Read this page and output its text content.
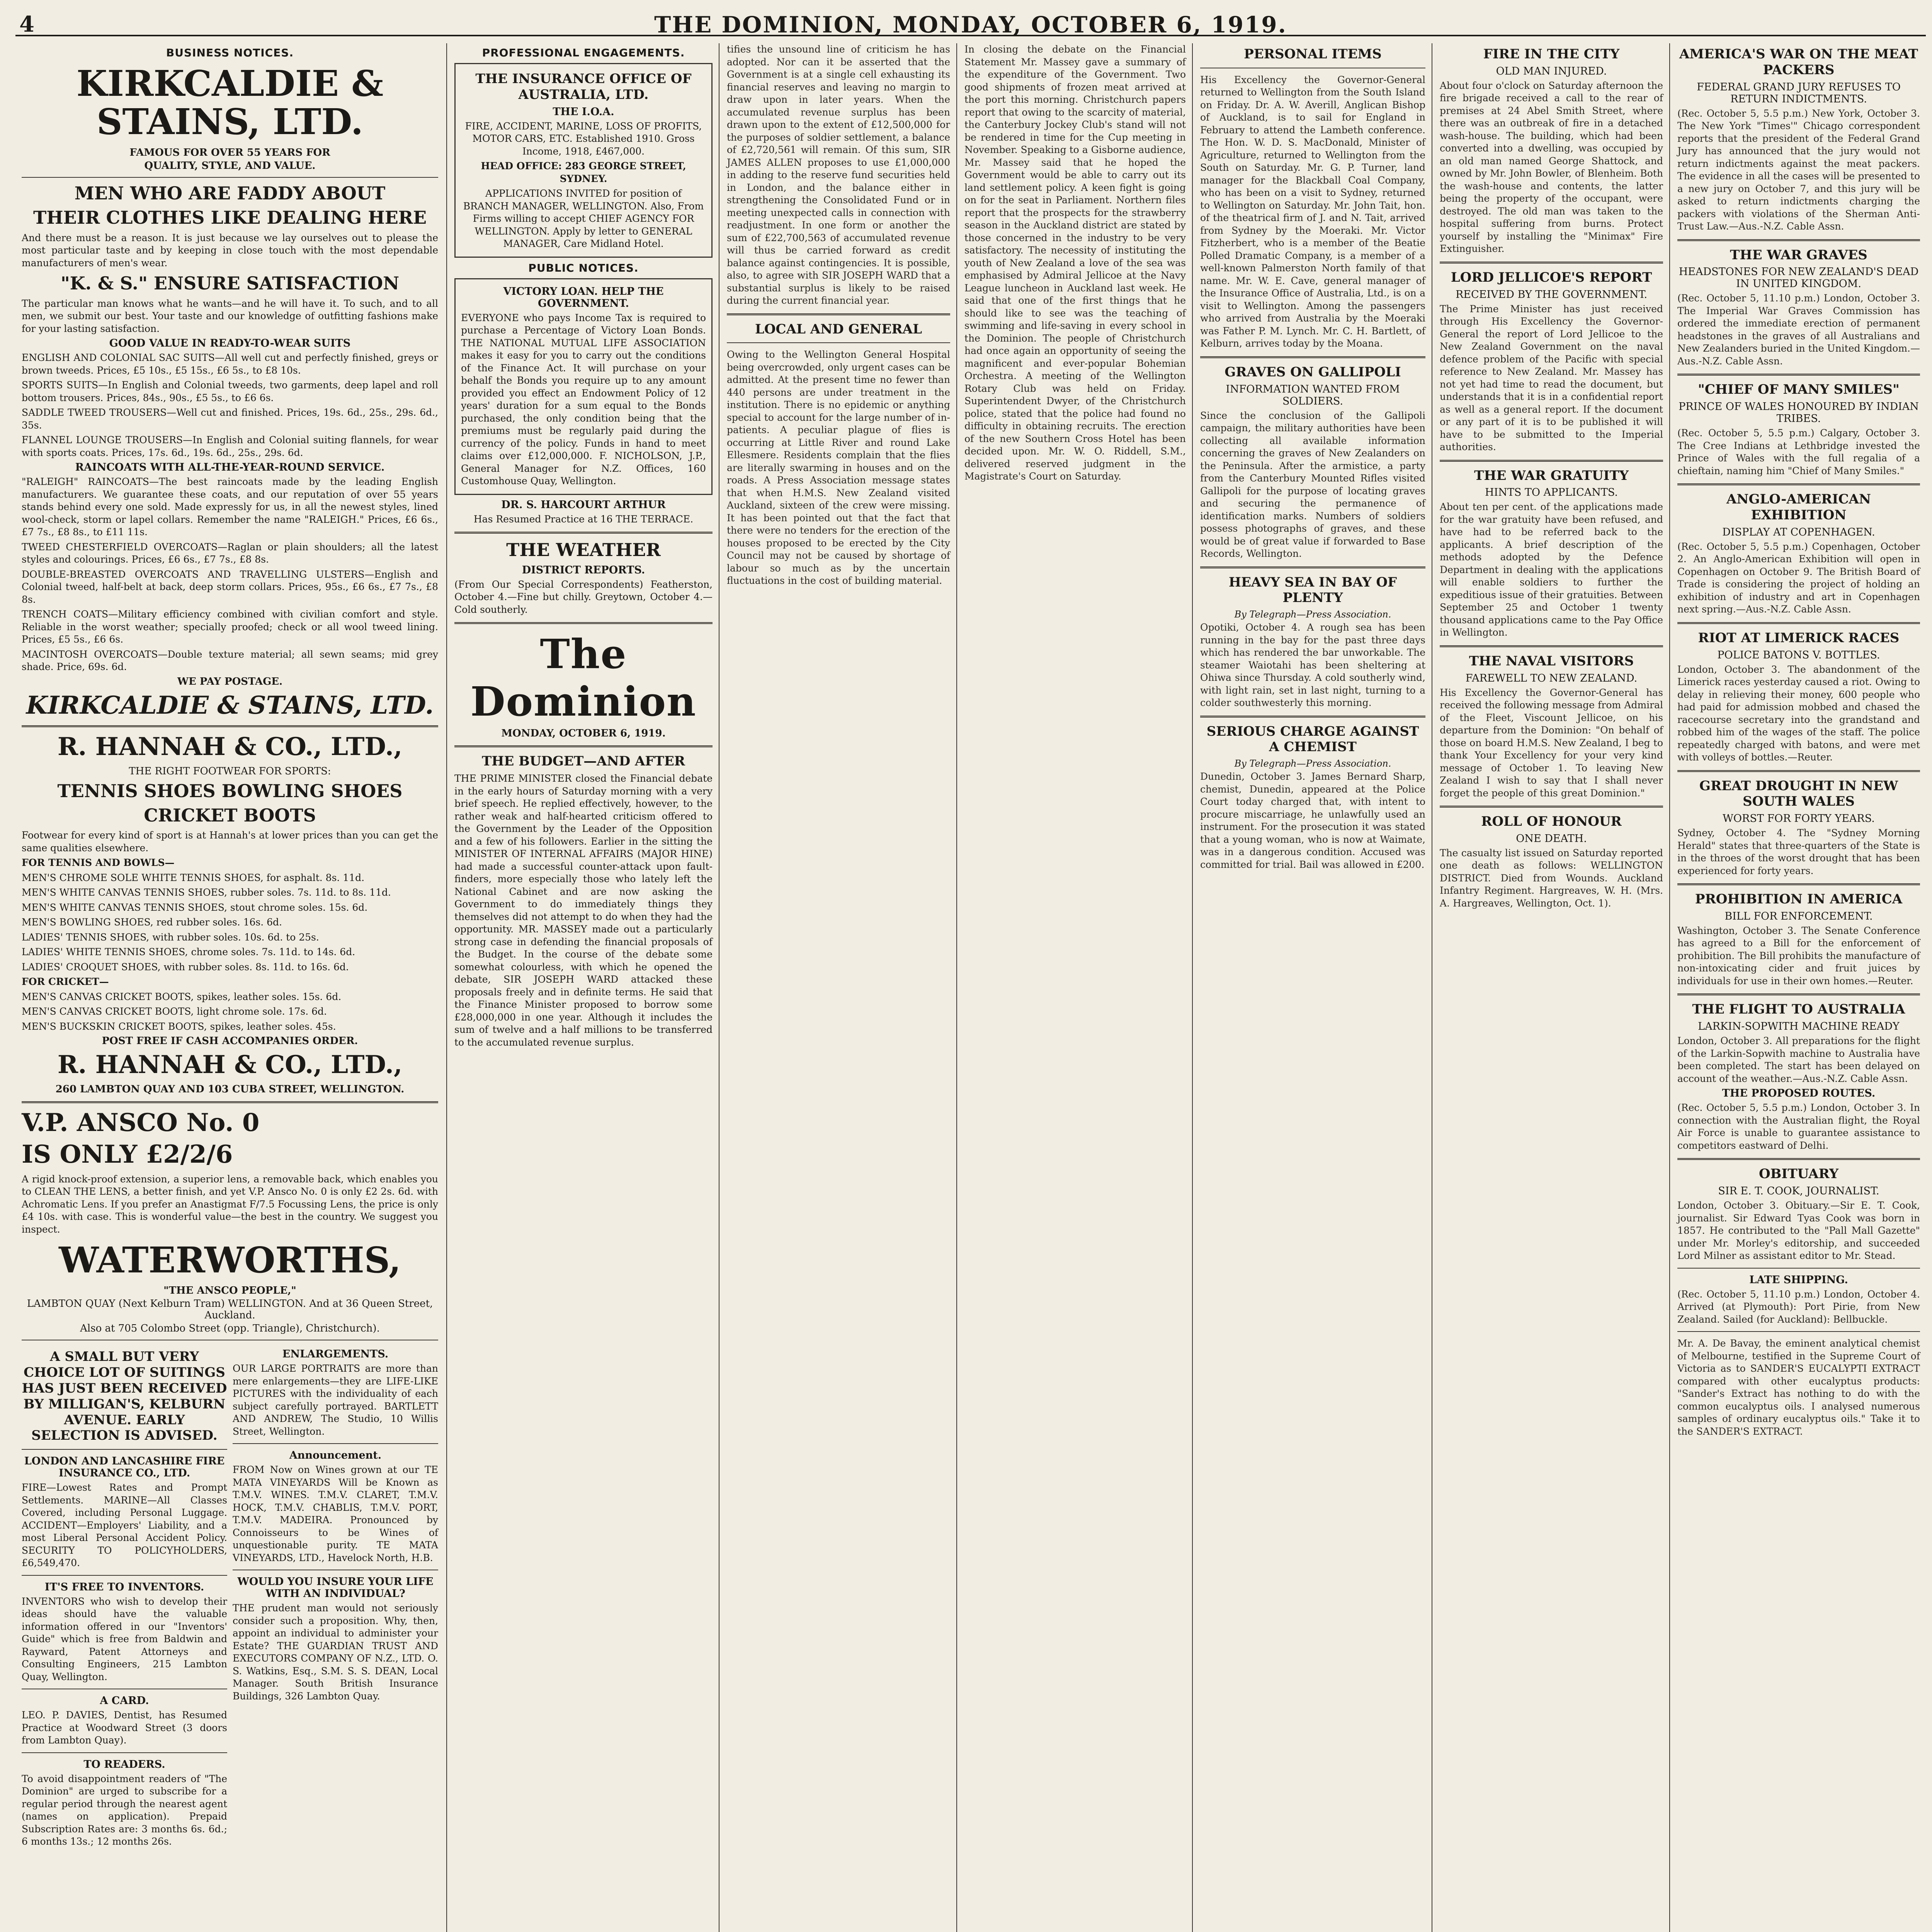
4	THE DOMINION, MONDAY, OCTOBER 6, 1919.
BUSINESS NOTICES.
KIRKCALDIE & STAINS, LTD.
FAMOUS FOR OVER 55 YEARS FOR
QUALITY, STYLE, AND VALUE.
MEN WHO ARE FADDY ABOUT
THEIR CLOTHES LIKE DEALING HERE
And there must be a reason. It is just because we lay ourselves out to please the most particular taste and by keeping in close touch with the most dependable manufacturers of men's wear.
"K. & S." ENSURE SATISFACTION
The particular man knows what he wants—and he will have it. To such, and to all men, we submit our best. Your taste and our knowledge of outfitting fashions make for your lasting satisfaction.
GOOD VALUE IN READY-TO-WEAR SUITS
ENGLISH AND COLONIAL SAC SUITS—All well cut and perfectly finished, greys or brown tweeds. Prices, £5 10s., £5 15s., £6 5s., to £8 10s.
SPORTS SUITS—In English and Colonial tweeds, two garments, deep lapel and roll bottom trousers. Prices, 84s., 90s., £5 5s., to £6 6s.
SADDLE TWEED TROUSERS—Well cut and finished. Prices, 19s. 6d., 25s., 29s. 6d., 35s.
FLANNEL LOUNGE TROUSERS—In English and Colonial suiting flannels, for wear with sports coats. Prices, 17s. 6d., 19s. 6d., 25s., 29s. 6d.
RAINCOATS WITH ALL-THE-YEAR-ROUND SERVICE.
"RALEIGH" RAINCOATS—The best raincoats made by the leading English manufacturers. We guarantee these coats, and our reputation of over 55 years stands behind every one sold. Made expressly for us, in all the newest styles, lined wool-check, storm or lapel collars. Remember the name "RALEIGH." Prices, £6 6s., £7 7s., £8 8s., to £11 11s.
TWEED CHESTERFIELD OVERCOATS—Raglan or plain shoulders; all the latest styles and colourings. Prices, £6 6s., £7 7s., £8 8s.
DOUBLE-BREASTED OVERCOATS AND TRAVELLING ULSTERS—English and Colonial tweed, half-belt at back, deep storm collars. Prices, 95s., £6 6s., £7 7s., £8 8s.
TRENCH COATS—Military efficiency combined with civilian comfort and style. Reliable in the worst weather; specially proofed; check or all wool tweed lining. Prices, £5 5s., £6 6s.
MACINTOSH OVERCOATS—Double texture material; all sewn seams; mid grey shade. Price, 69s. 6d.
WE PAY POSTAGE.
KIRKCALDIE & STAINS, LTD.
R. HANNAH & CO., LTD.,
THE RIGHT FOOTWEAR FOR SPORTS:
TENNIS SHOES BOWLING SHOES
CRICKET BOOTS
Footwear for every kind of sport is at Hannah's at lower prices than you can get the same qualities elsewhere.
FOR TENNIS AND BOWLS—
MEN'S CHROME SOLE WHITE TENNIS SHOES, for asphalt. 8s. 11d.
MEN'S WHITE CANVAS TENNIS SHOES, rubber soles. 7s. 11d. to 8s. 11d.
MEN'S WHITE CANVAS TENNIS SHOES, stout chrome soles. 15s. 6d.
MEN'S BOWLING SHOES, red rubber soles. 16s. 6d.
LADIES' TENNIS SHOES, with rubber soles. 10s. 6d. to 25s.
LADIES' WHITE TENNIS SHOES, chrome soles. 7s. 11d. to 14s. 6d.
LADIES' CROQUET SHOES, with rubber soles. 8s. 11d. to 16s. 6d.
FOR CRICKET—
MEN'S CANVAS CRICKET BOOTS, spikes, leather soles. 15s. 6d.
MEN'S CANVAS CRICKET BOOTS, light chrome sole. 17s. 6d.
MEN'S BUCKSKIN CRICKET BOOTS, spikes, leather soles. 45s.
POST FREE IF CASH ACCOMPANIES ORDER.
R. HANNAH & CO., LTD.,
260 LAMBTON QUAY AND 103 CUBA STREET, WELLINGTON.
V.P. ANSCO No. 0
IS ONLY £2/2/6
A rigid knock-proof extension, a superior lens, a removable back, which enables you to CLEAN THE LENS, a better finish, and yet V.P. Ansco No. 0 is only £2 2s. 6d. with Achromatic Lens. If you prefer an Anastigmat F/7.5 Focussing Lens, the price is only £4 10s. with case. This is wonderful value—the best in the country. We suggest you inspect.
WATERWORTHS,
"THE ANSCO PEOPLE,"
LAMBTON QUAY (Next Kelburn Tram) WELLINGTON. And at 36 Queen Street, Auckland.
Also at 705 Colombo Street (opp. Triangle), Christchurch).
A SMALL BUT VERY CHOICE LOT OF SUITINGS HAS JUST BEEN RECEIVED BY MILLIGAN'S, KELBURN AVENUE. EARLY SELECTION IS ADVISED.
LONDON AND LANCASHIRE FIRE INSURANCE CO., LTD.
FIRE—Lowest Rates and Prompt Settlements. MARINE—All Classes Covered, including Personal Luggage. ACCIDENT—Employers' Liability, and a most Liberal Personal Accident Policy. SECURITY TO POLICYHOLDERS, £6,549,470.
IT'S FREE TO INVENTORS.
INVENTORS who wish to develop their ideas should have the valuable information offered in our "Inventors' Guide" which is free from Baldwin and Rayward, Patent Attorneys and Consulting Engineers, 215 Lambton Quay, Wellington.
A CARD.
LEO. P. DAVIES, Dentist, has Resumed Practice at Woodward Street (3 doors from Lambton Quay).
TO READERS.
To avoid disappointment readers of "The Dominion" are urged to subscribe for a regular period through the nearest agent (names on application). Prepaid Subscription Rates are: 3 months 6s. 6d.; 6 months 13s.; 12 months 26s.
ENLARGEMENTS.
OUR LARGE PORTRAITS are more than mere enlargements—they are LIFE-LIKE PICTURES with the individuality of each subject carefully portrayed. BARTLETT AND ANDREW, The Studio, 10 Willis Street, Wellington.
Announcement.
FROM Now on Wines grown at our TE MATA VINEYARDS Will be Known as T.M.V. WINES. T.M.V. CLARET, T.M.V. HOCK, T.M.V. CHABLIS, T.M.V. PORT, T.M.V. MADEIRA. Pronounced by Connoisseurs to be Wines of unquestionable purity. TE MATA VINEYARDS, LTD., Havelock North, H.B.
WOULD YOU INSURE YOUR LIFE WITH AN INDIVIDUAL?
THE prudent man would not seriously consider such a proposition. Why, then, appoint an individual to administer your Estate? THE GUARDIAN TRUST AND EXECUTORS COMPANY OF N.Z., LTD. O. S. Watkins, Esq., S.M. S. S. DEAN, Local Manager. South British Insurance Buildings, 326 Lambton Quay.
PROFESSIONAL ENGAGEMENTS.
THE INSURANCE OFFICE OF AUSTRALIA, LTD.
THE I.O.A.
FIRE, ACCIDENT, MARINE, LOSS OF PROFITS, MOTOR CARS, ETC. Established 1910. Gross Income, 1918, £467,000.
HEAD OFFICE: 283 GEORGE STREET, SYDNEY.
APPLICATIONS INVITED for position of BRANCH MANAGER, WELLINGTON. Also, From Firms willing to accept CHIEF AGENCY FOR WELLINGTON. Apply by letter to GENERAL MANAGER, Care Midland Hotel.
PUBLIC NOTICES.
VICTORY LOAN. HELP THE GOVERNMENT.
EVERYONE who pays Income Tax is required to purchase a Percentage of Victory Loan Bonds. THE NATIONAL MUTUAL LIFE ASSOCIATION makes it easy for you to carry out the conditions of the Finance Act. It will purchase on your behalf the Bonds you require up to any amount provided you effect an Endowment Policy of 12 years' duration for a sum equal to the Bonds purchased, the only condition being that the premiums must be regularly paid during the currency of the policy. Funds in hand to meet claims over £12,000,000. F. NICHOLSON, J.P., General Manager for N.Z. Offices, 160 Customhouse Quay, Wellington.
DR. S. HARCOURT ARTHUR
Has Resumed Practice at 16 THE TERRACE.
THE WEATHER
DISTRICT REPORTS.
(From Our Special Correspondents) Featherston, October 4.—Fine but chilly. Greytown, October 4.—Cold southerly.
The Dominion
MONDAY, OCTOBER 6, 1919.
THE BUDGET—AND AFTER
THE PRIME MINISTER closed the Financial debate in the early hours of Saturday morning with a very brief speech. He replied effectively, however, to the rather weak and half-hearted criticism offered to the Government by the Leader of the Opposition and a few of his followers. Earlier in the sitting the MINISTER OF INTERNAL AFFAIRS (MAJOR HINE) had made a successful counter-attack upon fault-finders, more especially those who lately left the National Cabinet and are now asking the Government to do immediately things they themselves did not attempt to do when they had the opportunity. MR. MASSEY made out a particularly strong case in defending the financial proposals of the Budget. In the course of the debate some somewhat colourless, with which he opened the debate, SIR JOSEPH WARD attacked these proposals freely and in definite terms. He said that the Finance Minister proposed to borrow some £28,000,000 in one year. Although it includes the sum of twelve and a half millions to be transferred to the accumulated revenue surplus.
tifies the unsound line of criticism he has adopted. Nor can it be asserted that the Government is at a single cell exhausting its financial reserves and leaving no margin to draw upon in later years. When the accumulated revenue surplus has been drawn upon to the extent of £12,500,000 for the purposes of soldier settlement, a balance of £2,720,561 will remain. Of this sum, SIR JAMES ALLEN proposes to use £1,000,000 in adding to the reserve fund securities held in London, and the balance either in strengthening the Consolidated Fund or in meeting unexpected calls in connection with readjustment. In one form or another the sum of £22,700,563 of accumulated revenue will thus be carried forward as credit balance against contingencies. It is possible, also, to agree with SIR JOSEPH WARD that a substantial surplus is likely to be raised during the current financial year.
LOCAL AND GENERAL
Owing to the Wellington General Hospital being overcrowded, only urgent cases can be admitted. At the present time no fewer than 440 persons are under treatment in the institution. There is no epidemic or anything special to account for the large number of in-patients. A peculiar plague of flies is occurring at Little River and round Lake Ellesmere. Residents complain that the flies are literally swarming in houses and on the roads. A Press Association message states that when H.M.S. New Zealand visited Auckland, sixteen of the crew were missing. It has been pointed out that the fact that there were no tenders for the erection of the houses proposed to be erected by the City Council may not be caused by shortage of labour so much as by the uncertain fluctuations in the cost of building material.
In closing the debate on the Financial Statement Mr. Massey gave a summary of the expenditure of the Government. Two good shipments of frozen meat arrived at the port this morning. Christchurch papers report that owing to the scarcity of material, the Canterbury Jockey Club's stand will not be rendered in time for the Cup meeting in November. Speaking to a Gisborne audience, Mr. Massey said that he hoped the Government would be able to carry out its land settlement policy. A keen fight is going on for the seat in Parliament. Northern files report that the prospects for the strawberry season in the Auckland district are stated by those concerned in the industry to be very satisfactory. The necessity of instituting the youth of New Zealand a love of the sea was emphasised by Admiral Jellicoe at the Navy League luncheon in Auckland last week. He said that one of the first things that he should like to see was the teaching of swimming and life-saving in every school in the Dominion. The people of Christchurch had once again an opportunity of seeing the magnificent and ever-popular Bohemian Orchestra. A meeting of the Wellington Rotary Club was held on Friday. Superintendent Dwyer, of the Christchurch police, stated that the police had found no difficulty in obtaining recruits. The erection of the new Southern Cross Hotel has been decided upon. Mr. W. O. Riddell, S.M., delivered reserved judgment in the Magistrate's Court on Saturday.
PERSONAL ITEMS
His Excellency the Governor-General returned to Wellington from the South Island on Friday. Dr. A. W. Averill, Anglican Bishop of Auckland, is to sail for England in February to attend the Lambeth conference. The Hon. W. D. S. MacDonald, Minister of Agriculture, returned to Wellington from the South on Saturday. Mr. G. P. Turner, land manager for the Blackball Coal Company, who has been on a visit to Sydney, returned to Wellington on Saturday. Mr. John Tait, hon. of the theatrical firm of J. and N. Tait, arrived from Sydney by the Moeraki. Mr. Victor Fitzherbert, who is a member of the Beatie Polled Dramatic Company, is a member of a well-known Palmerston North family of that name. Mr. W. E. Cave, general manager of the Insurance Office of Australia, Ltd., is on a visit to Wellington. Among the passengers who arrived from Australia by the Moeraki was Father P. M. Lynch. Mr. C. H. Bartlett, of Kelburn, arrives today by the Moana.
GRAVES ON GALLIPOLI
INFORMATION WANTED FROM SOLDIERS.
Since the conclusion of the Gallipoli campaign, the military authorities have been collecting all available information concerning the graves of New Zealanders on the Peninsula. After the armistice, a party from the Canterbury Mounted Rifles visited Gallipoli for the purpose of locating graves and securing the permanence of identification marks. Numbers of soldiers possess photographs of graves, and these would be of great value if forwarded to Base Records, Wellington.
HEAVY SEA IN BAY OF PLENTY
By Telegraph—Press Association.
Opotiki, October 4. A rough sea has been running in the bay for the past three days which has rendered the bar unworkable. The steamer Waiotahi has been sheltering at Ohiwa since Thursday. A cold southerly wind, with light rain, set in last night, turning to a colder southwesterly this morning.
SERIOUS CHARGE AGAINST A CHEMIST
By Telegraph—Press Association.
Dunedin, October 3. James Bernard Sharp, chemist, Dunedin, appeared at the Police Court today charged that, with intent to procure miscarriage, he unlawfully used an instrument. For the prosecution it was stated that a young woman, who is now at Waimate, was in a dangerous condition. Accused was committed for trial. Bail was allowed in £200.
FIRE IN THE CITY
OLD MAN INJURED.
About four o'clock on Saturday afternoon the fire brigade received a call to the rear of premises at 24 Abel Smith Street, where there was an outbreak of fire in a detached wash-house. The building, which had been converted into a dwelling, was occupied by an old man named George Shattock, and owned by Mr. John Bowler, of Blenheim. Both the wash-house and contents, the latter being the property of the occupant, were destroyed. The old man was taken to the hospital suffering from burns. Protect yourself by installing the "Minimax" Fire Extinguisher.
LORD JELLICOE'S REPORT
RECEIVED BY THE GOVERNMENT.
The Prime Minister has just received through His Excellency the Governor-General the report of Lord Jellicoe to the New Zealand Government on the naval defence problem of the Pacific with special reference to New Zealand. Mr. Massey has not yet had time to read the document, but understands that it is in a confidential report as well as a general report. If the document or any part of it is to be published it will have to be submitted to the Imperial authorities.
THE WAR GRATUITY
HINTS TO APPLICANTS.
About ten per cent. of the applications made for the war gratuity have been refused, and have had to be referred back to the applicants. A brief description of the methods adopted by the Defence Department in dealing with the applications will enable soldiers to further the expeditious issue of their gratuities. Between September 25 and October 1 twenty thousand applications came to the Pay Office in Wellington.
THE NAVAL VISITORS
FAREWELL TO NEW ZEALAND.
His Excellency the Governor-General has received the following message from Admiral of the Fleet, Viscount Jellicoe, on his departure from the Dominion: "On behalf of those on board H.M.S. New Zealand, I beg to thank Your Excellency for your very kind message of October 1. To leaving New Zealand I wish to say that I shall never forget the people of this great Dominion."
ROLL OF HONOUR
ONE DEATH.
The casualty list issued on Saturday reported one death as follows: WELLINGTON DISTRICT. Died from Wounds. Auckland Infantry Regiment. Hargreaves, W. H. (Mrs. A. Hargreaves, Wellington, Oct. 1).
AMERICA'S WAR ON THE MEAT PACKERS
FEDERAL GRAND JURY REFUSES TO RETURN INDICTMENTS.
(Rec. October 5, 5.5 p.m.) New York, October 3. The New York "Times'" Chicago correspondent reports that the president of the Federal Grand Jury has announced that the jury would not return indictments against the meat packers. The evidence in all the cases will be presented to a new jury on October 7, and this jury will be asked to return indictments charging the packers with violations of the Sherman Anti-Trust Law.—Aus.-N.Z. Cable Assn.
THE WAR GRAVES
HEADSTONES FOR NEW ZEALAND'S DEAD IN UNITED KINGDOM.
(Rec. October 5, 11.10 p.m.) London, October 3. The Imperial War Graves Commission has ordered the immediate erection of permanent headstones in the graves of all Australians and New Zealanders buried in the United Kingdom.—Aus.-N.Z. Cable Assn.
"CHIEF OF MANY SMILES"
PRINCE OF WALES HONOURED BY INDIAN TRIBES.
(Rec. October 5, 5.5 p.m.) Calgary, October 3. The Cree Indians at Lethbridge invested the Prince of Wales with the full regalia of a chieftain, naming him "Chief of Many Smiles."
ANGLO-AMERICAN EXHIBITION
DISPLAY AT COPENHAGEN.
(Rec. October 5, 5.5 p.m.) Copenhagen, October 2. An Anglo-American Exhibition will open in Copenhagen on October 9. The British Board of Trade is considering the project of holding an exhibition of industry and art in Copenhagen next spring.—Aus.-N.Z. Cable Assn.
RIOT AT LIMERICK RACES
POLICE BATONS V. BOTTLES.
London, October 3. The abandonment of the Limerick races yesterday caused a riot. Owing to delay in relieving their money, 600 people who had paid for admission mobbed and chased the racecourse secretary into the grandstand and robbed him of the wages of the staff. The police repeatedly charged with batons, and were met with volleys of bottles.—Reuter.
GREAT DROUGHT IN NEW SOUTH WALES
WORST FOR FORTY YEARS.
Sydney, October 4. The "Sydney Morning Herald" states that three-quarters of the State is in the throes of the worst drought that has been experienced for forty years.
PROHIBITION IN AMERICA
BILL FOR ENFORCEMENT.
Washington, October 3. The Senate Conference has agreed to a Bill for the enforcement of prohibition. The Bill prohibits the manufacture of non-intoxicating cider and fruit juices by individuals for use in their own homes.—Reuter.
THE FLIGHT TO AUSTRALIA
LARKIN-SOPWITH MACHINE READY
London, October 3. All preparations for the flight of the Larkin-Sopwith machine to Australia have been completed. The start has been delayed on account of the weather.—Aus.-N.Z. Cable Assn.
THE PROPOSED ROUTES.
(Rec. October 5, 5.5 p.m.) London, October 3. In connection with the Australian flight, the Royal Air Force is unable to guarantee assistance to competitors eastward of Delhi.
OBITUARY
SIR E. T. COOK, JOURNALIST.
London, October 3. Obituary.—Sir E. T. Cook, journalist. Sir Edward Tyas Cook was born in 1857. He contributed to the "Pall Mall Gazette" under Mr. Morley's editorship, and succeeded Lord Milner as assistant editor to Mr. Stead.
LATE SHIPPING.
(Rec. October 5, 11.10 p.m.) London, October 4. Arrived (at Plymouth): Port Pirie, from New Zealand. Sailed (for Auckland): Bellbuckle.
Mr. A. De Bavay, the eminent analytical chemist of Melbourne, testified in the Supreme Court of Victoria as to SANDER'S EUCALYPTI EXTRACT compared with other eucalyptus products: "Sander's Extract has nothing to do with the common eucalyptus oils. I analysed numerous samples of ordinary eucalyptus oils." Take it to the SANDER'S EXTRACT.
